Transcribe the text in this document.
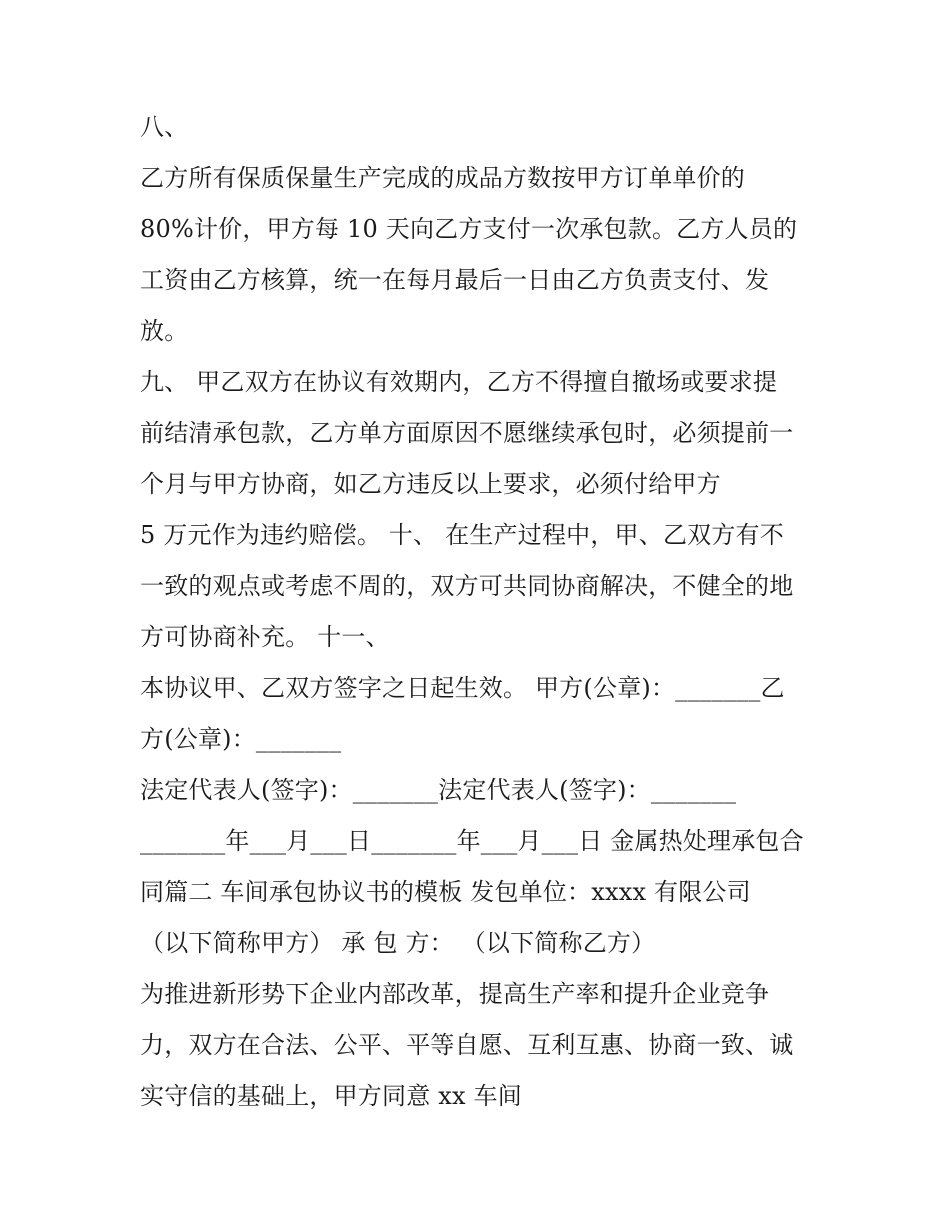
八、
乙方所有保质保量生产完成的成品方数按甲方订单单价的
80%计价，甲方每 10 天向乙方支付一次承包款。乙方人员的
工资由乙方核算，统一在每月最后一日由乙方负责支付、发
放。
九、 甲乙双方在协议有效期内，乙方不得擅自撤场或要求提
前结清承包款，乙方单方面原因不愿继续承包时，必须提前一
个月与甲方协商，如乙方违反以上要求，必须付给甲方
5 万元作为违约赔偿。 十、 在生产过程中，甲、乙双方有不
一致的观点或考虑不周的，双方可共同协商解决，不健全的地
方可协商补充。 十一、
本协议甲、乙双方签字之日起生效。 甲方(公章)：_______乙
方(公章)：_______
法定代表人(签字)：_______法定代表人(签字)：_______
_______年___月___日_______年___月___日 金属热处理承包合
同篇二 车间承包协议书的模板 发包单位：xxxx 有限公司
（以下简称甲方） 承 包 方： （以下简称乙方）
为推进新形势下企业内部改革，提高生产率和提升企业竞争
力，双方在合法、公平、平等自愿、互利互惠、协商一致、诚
实守信的基础上，甲方同意 xx 车间
